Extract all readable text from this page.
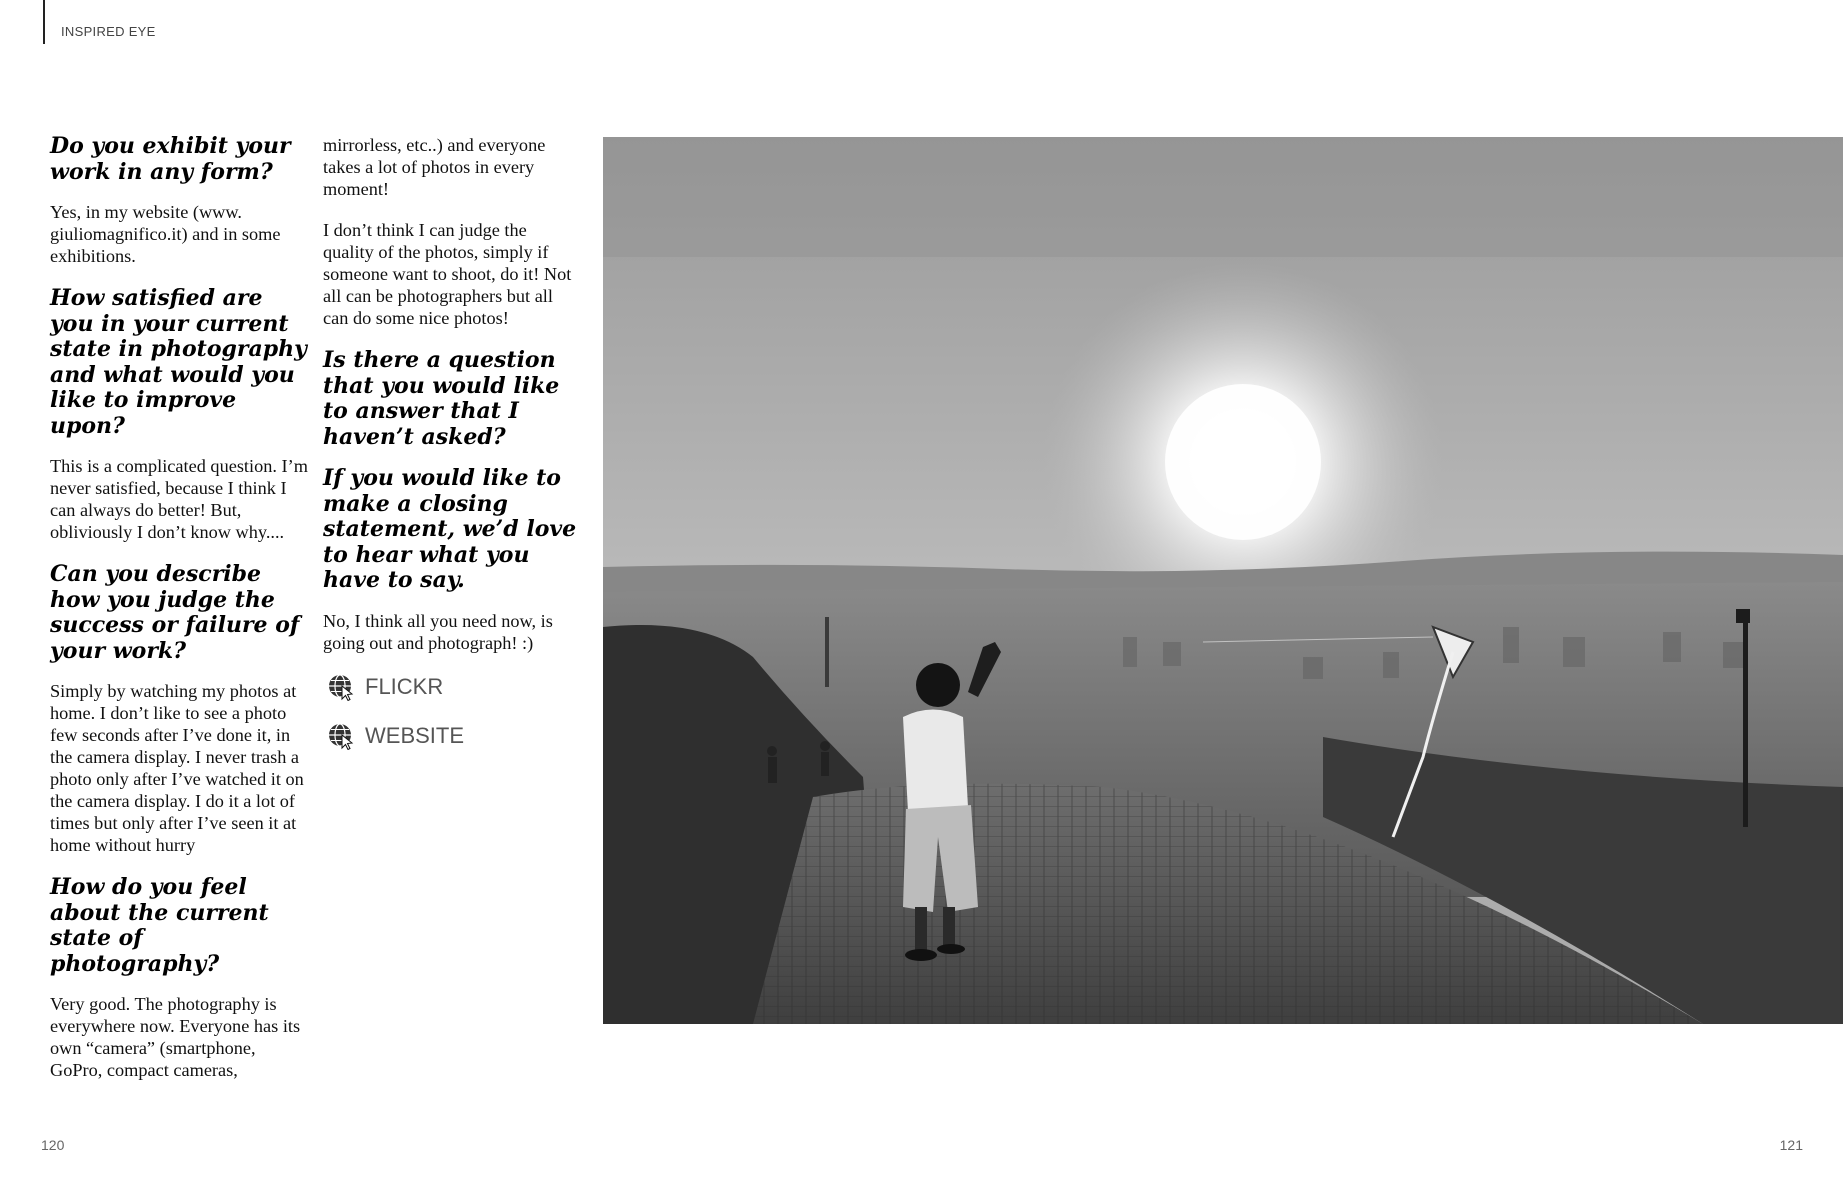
INSPIRED EYE

Do you exhibit your work in any form?

Yes, in my website (www. giuliomagnifico.it) and in some exhibitions.

How satisfied are you in your current state in photography and what would you like to improve upon?

This is a complicated question. I’m never satisfied, because I think I can always do better! But, obliviously I don’t know why....

Can you describe how you judge the success or failure of your work?

Simply by watching my photos at home. I don’t like to see a photo few seconds after I’ve done it, in the camera display. I never trash a photo only after I’ve watched it on the camera display. I do it a lot of times but only after I’ve seen it at home without hurry

How do you feel about the current state of photography?

Very good. The photography is everywhere now. Everyone has its own “camera” (smartphone, GoPro, compact cameras,

mirrorless, etc..) and everyone takes a lot of photos in every moment!

I don’t think I can judge the quality of the photos, simply if someone want to shoot, do it! Not all can be photographers but all can do some nice photos!

Is there a question that you would like to answer that I haven’t asked?

If you would like to make a closing statement, we’d love to hear what you have to say.

No, I think all you need now, is going out and photograph! :)

FLICKR
WEBSITE
120	121
